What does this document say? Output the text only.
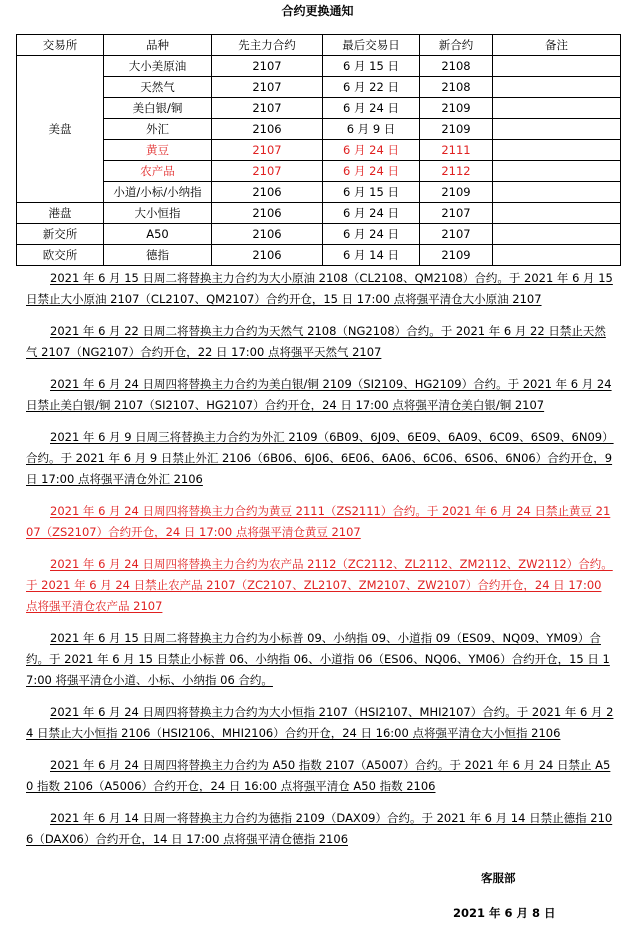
合约更换通知
交易所	品种	先主力合约	最后交易日	新合约	备注
美盘	大小美原油	2107	6 月 15 日	2108	
	天然气	2107	6 月 22 日	2108	
	美白银/铜	2107	6 月 24 日	2109	
	外汇	2106	6 月 9 日	2109	
	黄豆	2107	6 月 24 日	2111	
	农产品	2107	6 月 24 日	2112	
	小道/小标/小纳指	2106	6 月 15 日	2109	
港盘	大小恒指	2106	6 月 24 日	2107	
新交所	A50	2106	6 月 24 日	2107	
欧交所	德指	2106	6 月 14 日	2109	

2021 年 6 月 15 日周二将替换主力合约为大小原油 2108（CL2108、QM2108）合约。于 2021 年 6 月 15 日禁止大小原油 2107（CL2107、QM2107）合约开仓，15 日 17:00 点将强平清仓大小原油 2107

2021 年 6 月 22 日周二将替换主力合约为天然气 2108（NG2108）合约。于 2021 年 6 月 22 日禁止天然气 2107（NG2107）合约开仓，22 日 17:00 点将强平天然气 2107

2021 年 6 月 24 日周四将替换主力合约为美白银/铜 2109（SI2109、HG2109）合约。于 2021 年 6 月 24 日禁止美白银/铜 2107（SI2107、HG2107）合约开仓，24 日 17:00 点将强平清仓美白银/铜 2107

2021 年 6 月 9 日周三将替换主力合约为外汇 2109（6B09、6J09、6E09、6A09、6C09、6S09、6N09）合约。于 2021 年 6 月 9 日禁止外汇 2106（6B06、6J06、6E06、6A06、6C06、6S06、6N06）合约开仓，9 日 17:00 点将强平清仓外汇 2106

2021 年 6 月 24 日周四将替换主力合约为黄豆 2111（ZS2111）合约。于 2021 年 6 月 24 日禁止黄豆 2107（ZS2107）合约开仓，24 日 17:00 点将强平清仓黄豆 2107

2021 年 6 月 24 日周四将替换主力合约为农产品 2112（ZC2112、ZL2112、ZM2112、ZW2112）合约。于 2021 年 6 月 24 日禁止农产品 2107（ZC2107、ZL2107、ZM2107、ZW2107）合约开仓，24 日 17:00 点将强平清仓农产品 2107

2021 年 6 月 15 日周二将替换主力合约为小标普 09、小纳指 09、小道指 09（ES09、NQ09、YM09）合约。于 2021 年 6 月 15 日禁止小标普 06、小纳指 06、小道指 06（ES06、NQ06、YM06）合约开仓，15 日 17:00 将强平清仓小道、小标、小纳指 06 合约。

2021 年 6 月 24 日周四将替换主力合约为大小恒指 2107（HSI2107、MHI2107）合约。于 2021 年 6 月 24 日禁止大小恒指 2106（HSI2106、MHI2106）合约开仓，24 日 16:00 点将强平清仓大小恒指 2106

2021 年 6 月 24 日周四将替换主力合约为 A50 指数 2107（A5007）合约。于 2021 年 6 月 24 日禁止 A50 指数 2106（A5006）合约开仓，24 日 16:00 点将强平清仓 A50 指数 2106

2021 年 6 月 14 日周一将替换主力合约为德指 2109（DAX09）合约。于 2021 年 6 月 14 日禁止德指 2106（DAX06）合约开仓，14 日 17:00 点将强平清仓德指 2106

客服部
2021 年 6 月 8 日
